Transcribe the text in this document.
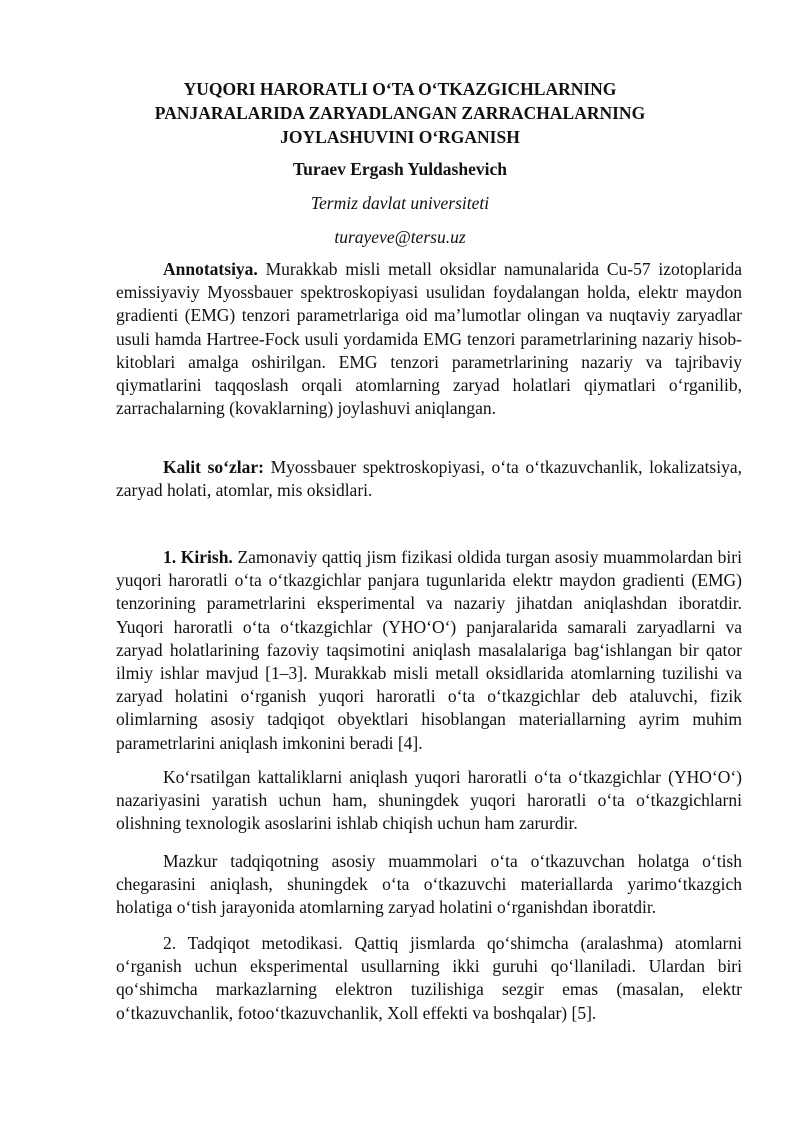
YUQORI HARORАTLI O‘TA O‘TKAZGICHLARNING
PANJARALARIDA ZARYADLANGAN ZARRACHALARNING
JOYLASHUVINI O‘RGANISH

Turaev Ergash Yuldashevich

Termiz davlat universiteti

turayeve@tersu.uz

Annotatsiya. Murakkab misli metall oksidlar namunalarida Cu-57 izotoplarida emissiyaviy Myossbauer spektroskopiyasi usulidan foydalangan holda, elektr maydon gradienti (EMG) tenzori parametrlariga oid ma’lumotlar olingan va nuqtaviy zaryadlar usuli hamda Hartree-Fock usuli yordamida EMG tenzori parametrlarining nazariy hisob-kitoblari amalga oshirilgan. EMG tenzori parametrlarining nazariy va tajribaviy qiymatlarini taqqoslash orqali atomlarning zaryad holatlari qiymatlari o‘rganilib, zarrachalarning (kovaklarning) joylashuvi aniqlangan.

Kalit so‘zlar: Myossbauer spektroskopiyasi, o‘ta o‘tkazuvchanlik, lokalizatsiya, zaryad holati, atomlar, mis oksidlari.

1. Kirish. Zamonaviy qattiq jism fizikasi oldida turgan asosiy muammolardan biri yuqori haroratli o‘ta o‘tkazgichlar panjara tugunlarida elektr maydon gradienti (EMG) tenzorining parametrlarini eksperimental va nazariy jihatdan aniqlashdan iboratdir. Yuqori haroratli o‘ta o‘tkazgichlar (YHO‘O‘) panjaralarida samarali zaryadlarni va zaryad holatlarining fazoviy taqsimotini aniqlash masalalariga bag‘ishlangan bir qator ilmiy ishlar mavjud [1–3]. Murakkab misli metall oksidlarida atomlarning tuzilishi va zaryad holatini o‘rganish yuqori haroratli o‘ta o‘tkazgichlar deb ataluvchi, fizik olimlarning asosiy tadqiqot obyektlari hisoblangan materiallarning ayrim muhim parametrlarini aniqlash imkonini beradi [4].

Ko‘rsatilgan kattaliklarni aniqlash yuqori haroratli o‘ta o‘tkazgichlar (YHO‘O‘) nazariyasini yaratish uchun ham, shuningdek yuqori haroratli o‘ta o‘tkazgichlarni olishning texnologik asoslarini ishlab chiqish uchun ham zarurdir.

Mazkur tadqiqotning asosiy muammolari o‘ta o‘tkazuvchan holatga o‘tish chegarasini aniqlash, shuningdek o‘ta o‘tkazuvchi materiallarda yarimo‘tkazgich holatiga o‘tish jarayonida atomlarning zaryad holatini o‘rganishdan iboratdir.

2. Tadqiqot metodikasi. Qattiq jismlarda qo‘shimcha (aralashma) atomlarni o‘rganish uchun eksperimental usullarning ikki guruhi qo‘llaniladi. Ulardan biri qo‘shimcha markazlarning elektron tuzilishiga sezgir emas (masalan, elektr o‘tkazuvchanlik, fotoo‘tkazuvchanlik, Xoll effekti va boshqalar) [5].
